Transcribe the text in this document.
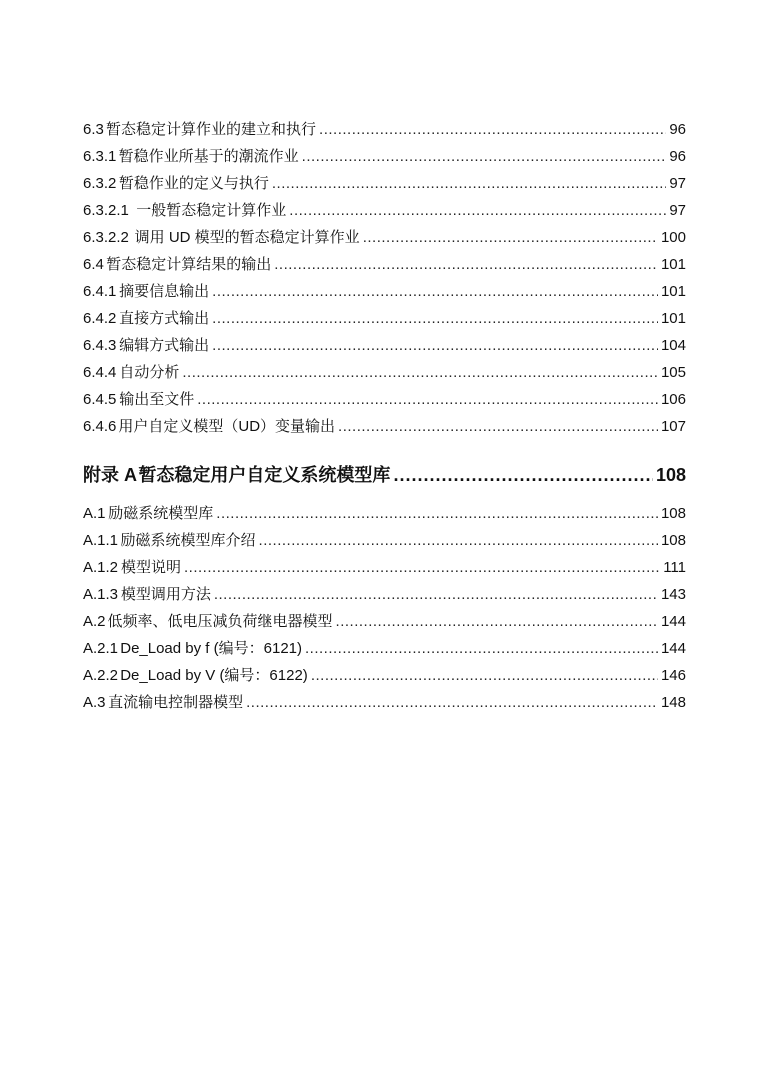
6.3 暂态稳定计算作业的建立和执行 .....	96
6.3.1 暂稳作业所基于的潮流作业 .....	96
6.3.2 暂稳作业的定义与执行 .....	97
6.3.2.1 一般暂态稳定计算作业 .....	97
6.3.2.2 调用 UD 模型的暂态稳定计算作业 .....	100
6.4 暂态稳定计算结果的输出 .....	101
6.4.1 摘要信息输出 .....	101
6.4.2 直接方式输出 .....	101
6.4.3 编辑方式输出 .....	104
6.4.4 自动分析 .....	105
6.4.5 输出至文件 .....	106
6.4.6 用户自定义模型（UD）变量输出 .....	107
附录 A 暂态稳定用户自定义系统模型库 .....	108
A.1 励磁系统模型库 .....	108
A.1.1 励磁系统模型库介绍 .....	108
A.1.2 模型说明 .....	111
A.1.3 模型调用方法 .....	143
A.2 低频率、低电压减负荷继电器模型 .....	144
A.2.1 De_Load by f (编号：6121) .....	144
A.2.2 De_Load by V (编号：6122) .....	146
A.3 直流输电控制器模型 .....	148
